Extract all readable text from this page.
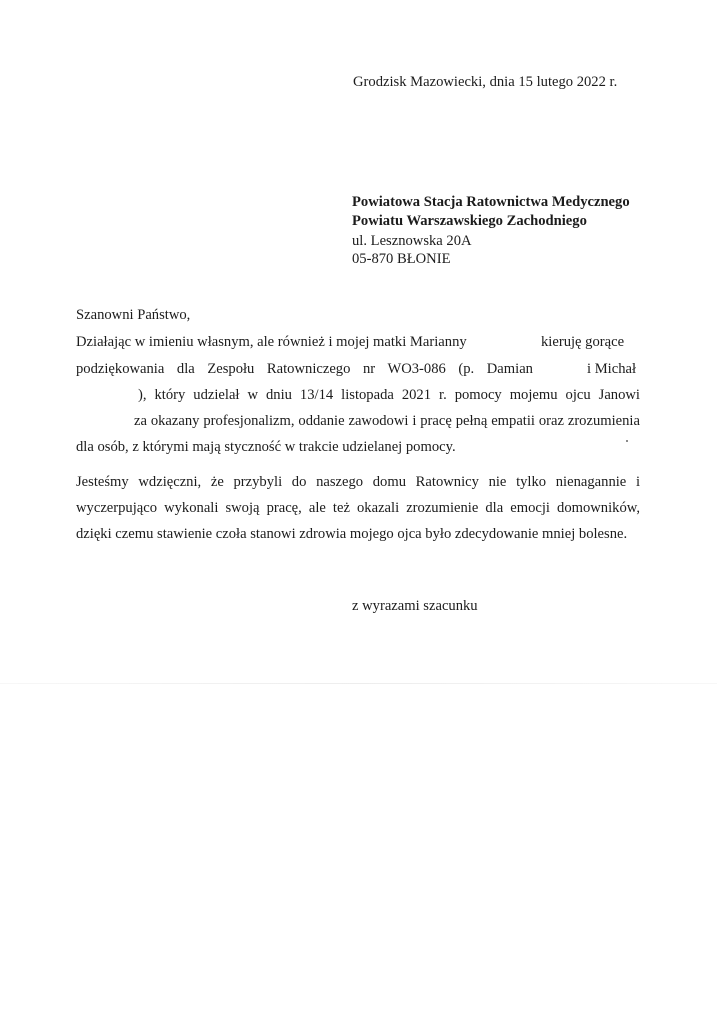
Grodzisk Mazowiecki, dnia 15 lutego 2022 r.
Powiatowa Stacja Ratownictwa Medycznego
Powiatu Warszawskiego Zachodniego
ul. Lesznowska 20A
05-870 BŁONIE
Szanowni Państwo,
Działając w imieniu własnym, ale również i mojej matki Marianny	kieruję gorące
podziękowania dla Zespołu Ratowniczego nr WO3-086 (p. Damian	i Michał
), który udzielał w dniu 13/14 listopada 2021 r. pomocy mojemu ojcu Janowi
za okazany profesjonalizm, oddanie zawodowi i pracę pełną empatii oraz zrozumienia
dla osób, z którymi mają styczność w trakcie udzielanej pomocy.
Jesteśmy wdzięczni, że przybyli do naszego domu Ratownicy nie tylko nienagannie i
wyczerpująco wykonali swoją pracę, ale też okazali zrozumienie dla emocji domowników,
dzięki czemu stawienie czoła stanowi zdrowia mojego ojca było zdecydowanie mniej bolesne.
z wyrazami szacunku
